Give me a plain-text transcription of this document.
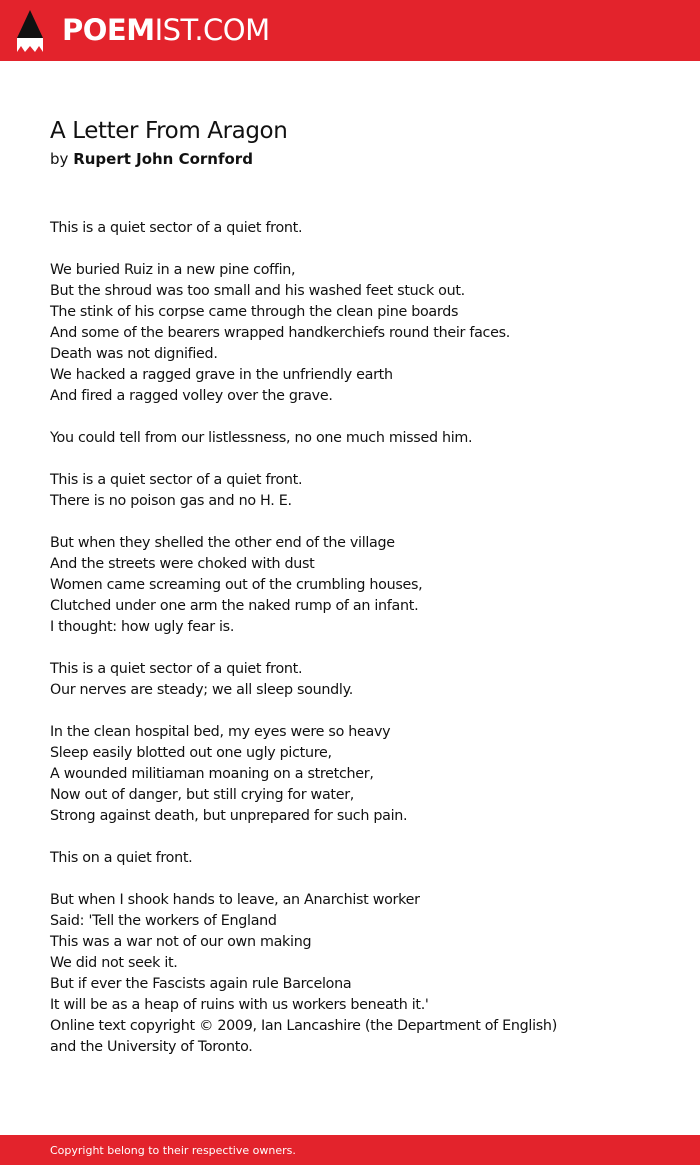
POEMIST.COM
A Letter From Aragon
by Rupert John Cornford
This is a quiet sector of a quiet front.
We buried Ruiz in a new pine coffin,
But the shroud was too small and his washed feet stuck out.
The stink of his corpse came through the clean pine boards
And some of the bearers wrapped handkerchiefs round their faces.
Death was not dignified.
We hacked a ragged grave in the unfriendly earth
And fired a ragged volley over the grave.
You could tell from our listlessness, no one much missed him.
This is a quiet sector of a quiet front.
There is no poison gas and no H. E.
But when they shelled the other end of the village
And the streets were choked with dust
Women came screaming out of the crumbling houses,
Clutched under one arm the naked rump of an infant.
I thought: how ugly fear is.
This is a quiet sector of a quiet front.
Our nerves are steady; we all sleep soundly.
In the clean hospital bed, my eyes were so heavy
Sleep easily blotted out one ugly picture,
A wounded militiaman moaning on a stretcher,
Now out of danger, but still crying for water,
Strong against death, but unprepared for such pain.
This on a quiet front.
But when I shook hands to leave, an Anarchist worker
Said: 'Tell the workers of England
This was a war not of our own making
We did not seek it.
But if ever the Fascists again rule Barcelona
It will be as a heap of ruins with us workers beneath it.'
Online text copyright © 2009, Ian Lancashire (the Department of English)
and the University of Toronto.
Copyright belong to their respective owners.
